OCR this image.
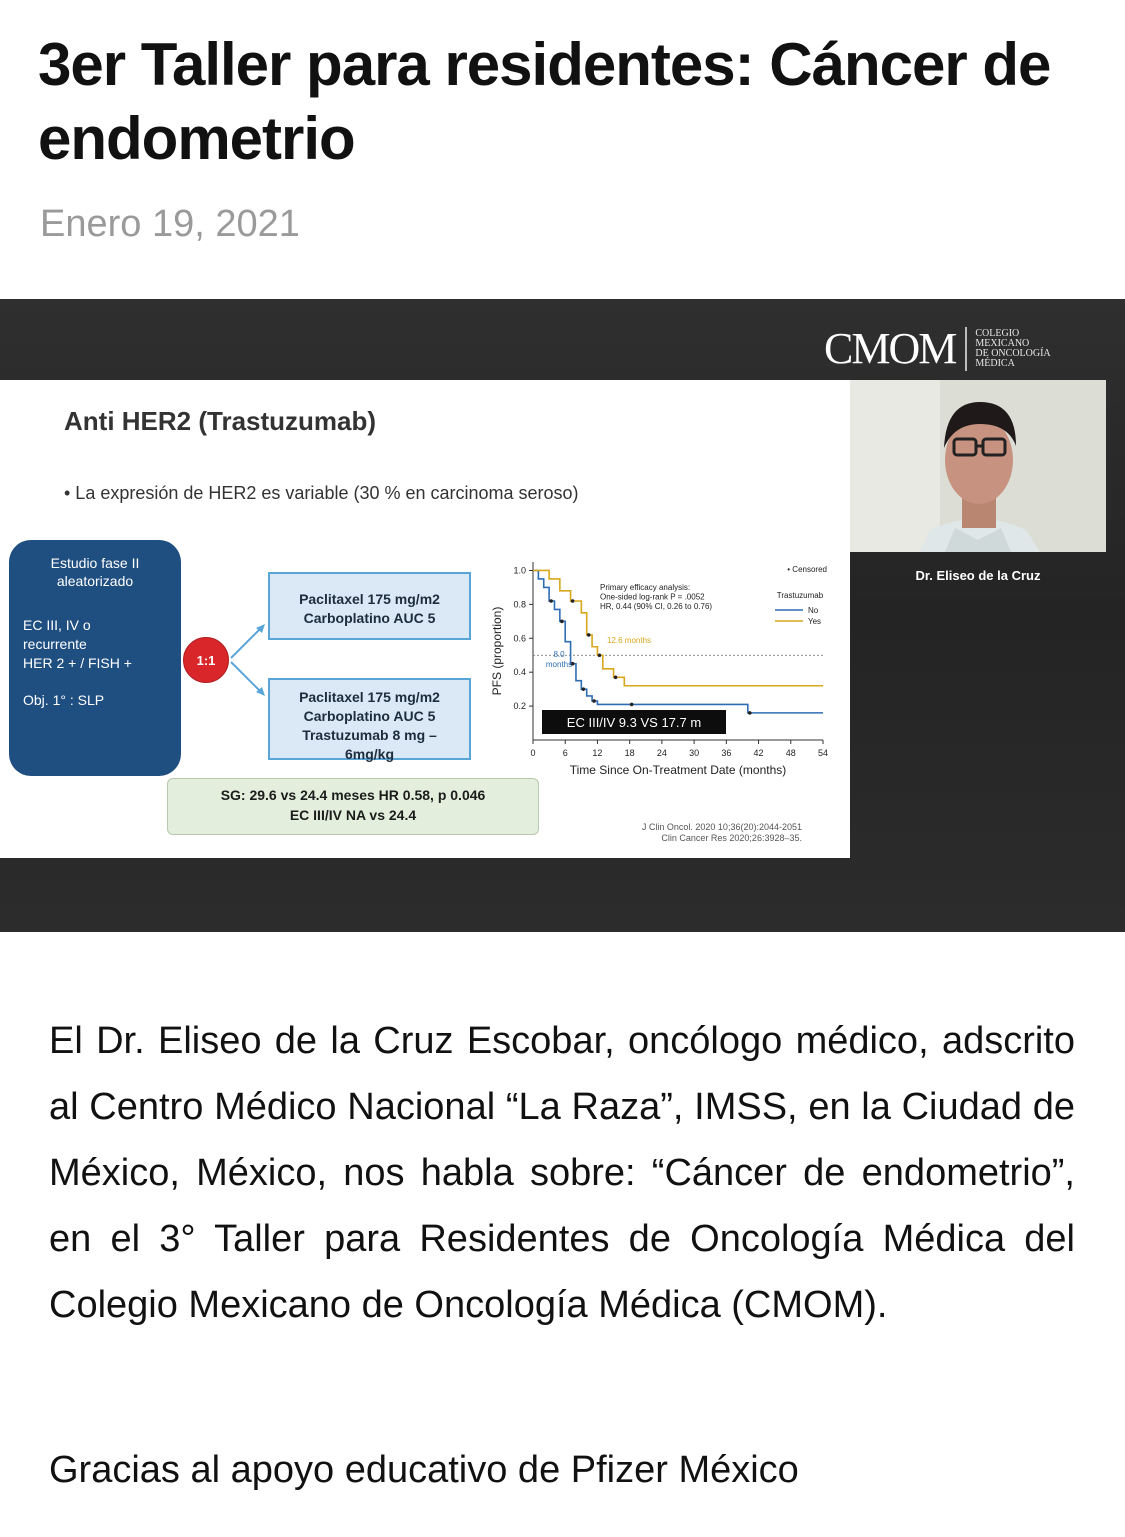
3er Taller para residentes: Cáncer de endometrio
Enero 19, 2021
CMOM COLEGIO
MEXICANO
DE ONCOLOGÍA
MÉDICA
Anti HER2 (Trastuzumab)
• La expresión de HER2 es variable (30 % en carcinoma seroso)
Estudio fase II aleatorizado

EC III, IV o

recurrente

HER 2 + / FISH +

Obj. 1° : SLP

1:1
Paclitaxel 175 mg/m2
Carboplatino AUC 5
Paclitaxel 175 mg/m2
Carboplatino AUC 5
Trastuzumab 8 mg –
6mg/kg
SG: 29.6 vs 24.4 meses HR 0.58, p 0.046
EC III/IV NA vs 24.4
0	6	12 18 24 30 36 42 48 54
0.2
0.4
0.6
0.8
1.0
Time Since On-Treatment Date (months)
PFS (proportion)
• Censored
Primary efficacy analysis:
One-sided log-rank P = .0052
HR, 0.44 (90% CI, 0.26 to 0.76)
Trastuzumab
No
Yes
12.6 months
8.0
months
EC III/IV 9.3 VS 17.7 m
J Clin Oncol. 2020 10;36(20):2044-2051
Clin Cancer Res 2020;26:3928–35.
Dr. Eliseo de la Cruz
El Dr. Eliseo de la Cruz Escobar, oncólogo médico, adscrito al Centro Médico Nacional “La Raza”, IMSS, en la Ciudad de México, México, nos habla sobre: “Cáncer de endometrio”, en el 3° Taller para Residentes de Oncología Médica del Colegio Mexicano de Oncología Médica (CMOM).
Gracias al apoyo educativo de Pfizer México
